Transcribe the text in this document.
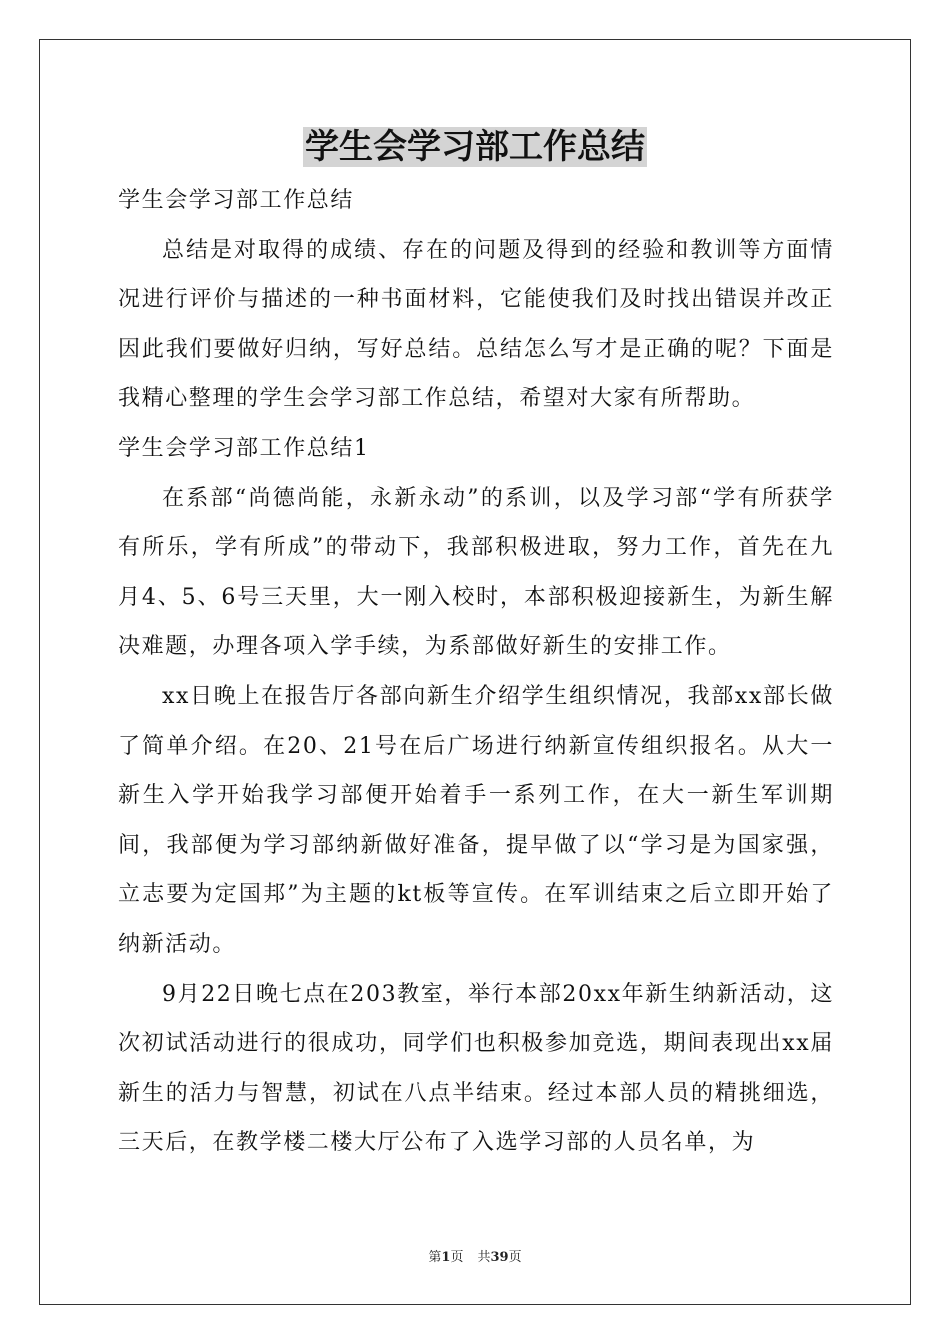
学生会学习部工作总结

学生会学习部工作总结

总结是对取得的成绩、存在的问题及得到的经验和教训等方面情况进行评价与描述的一种书面材料，它能使我们及时找出错误并改正因此我们要做好归纳，写好总结。总结怎么写才是正确的呢？下面是我精心整理的学生会学习部工作总结，希望对大家有所帮助。

学生会学习部工作总结1

在系部“尚德尚能，永新永动”的系训，以及学习部“学有所获学有所乐，学有所成”的带动下，我部积极进取，努力工作，首先在九月4、5、6号三天里，大一刚入校时，本部积极迎接新生，为新生解决难题，办理各项入学手续，为系部做好新生的安排工作。

xx日晚上在报告厅各部向新生介绍学生组织情况，我部xx部长做了简单介绍。在20、21号在后广场进行纳新宣传组织报名。从大一新生入学开始我学习部便开始着手一系列工作，在大一新生军训期间，我部便为学习部纳新做好准备，提早做了以“学习是为国家强，立志要为定国邦”为主题的kt板等宣传。在军训结束之后立即开始了纳新活动。

9月22日晚七点在203教室，举行本部20xx年新生纳新活动，这次初试活动进行的很成功，同学们也积极参加竞选，期间表现出xx届新生的活力与智慧，初试在八点半结束。经过本部人员的精挑细选，三天后，在教学楼二楼大厅公布了入选学习部的人员名单，为

第1页 共39页
